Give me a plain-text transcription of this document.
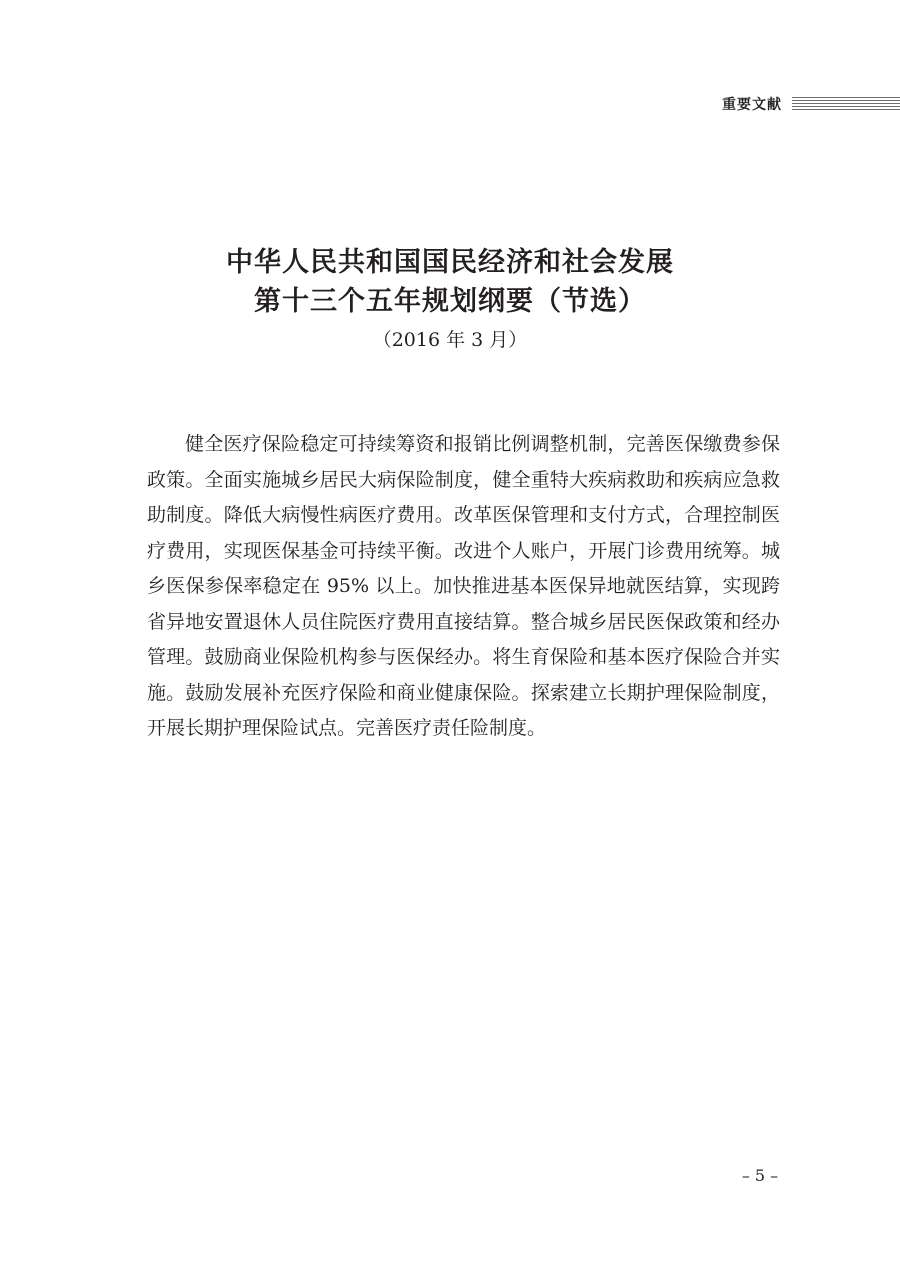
重要文献
中华人民共和国国民经济和社会发展
第十三个五年规划纲要（节选）
（2016 年 3 月）

健全医疗保险稳定可持续筹资和报销比例调整机制，完善医保缴费参保政策。全面实施城乡居民大病保险制度，健全重特大疾病救助和疾病应急救助制度。降低大病慢性病医疗费用。改革医保管理和支付方式，合理控制医疗费用，实现医保基金可持续平衡。改进个人账户，开展门诊费用统筹。城乡医保参保率稳定在 95% 以上。加快推进基本医保异地就医结算，实现跨省异地安置退休人员住院医疗费用直接结算。整合城乡居民医保政策和经办管理。鼓励商业保险机构参与医保经办。将生育保险和基本医疗保险合并实施。鼓励发展补充医疗保险和商业健康保险。探索建立长期护理保险制度，开展长期护理保险试点。完善医疗责任险制度。

– 5 –
